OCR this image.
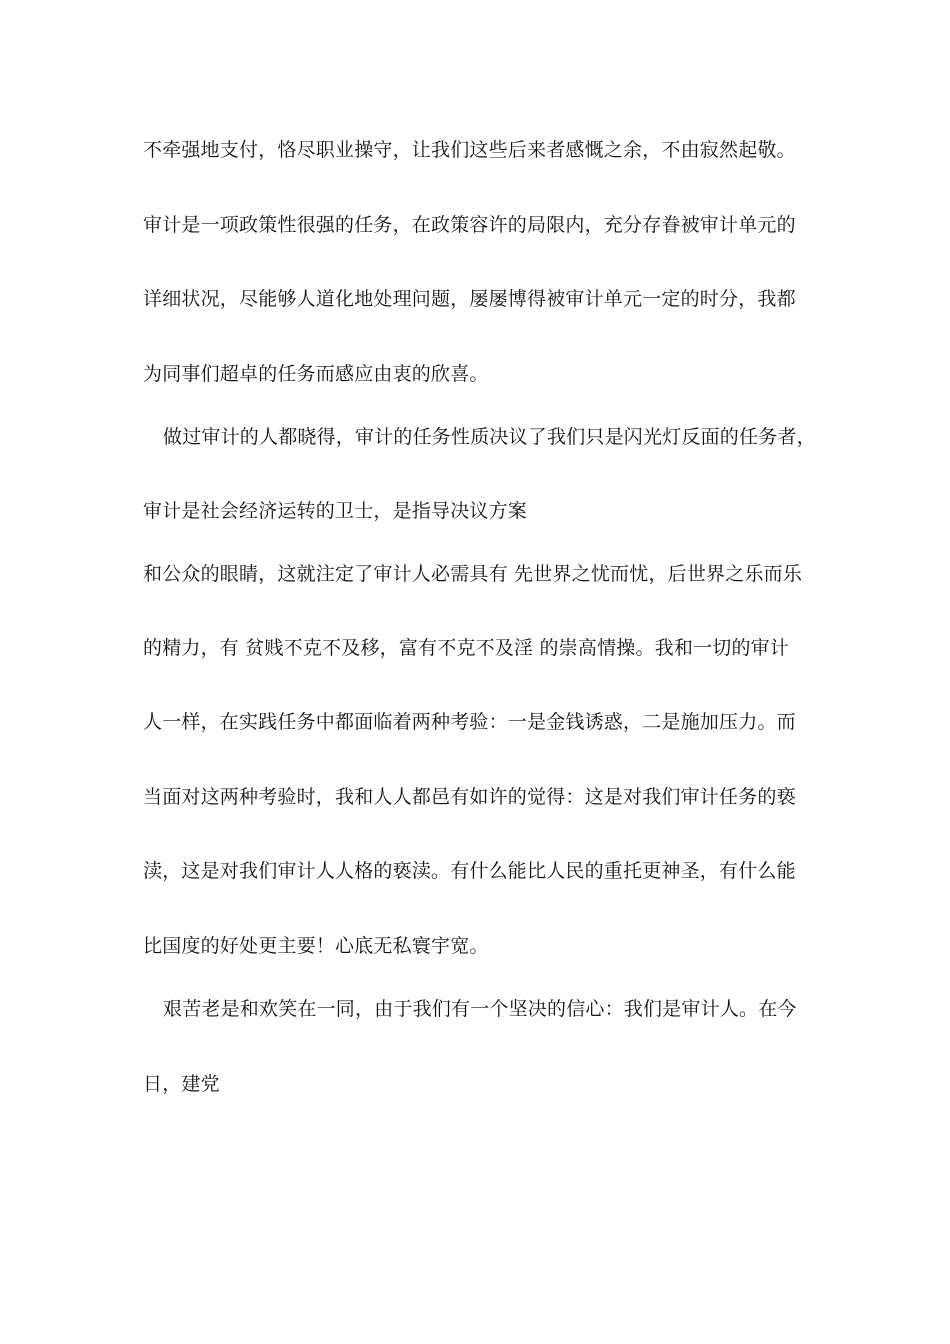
不牵强地支付，恪尽职业操守，让我们这些后来者感慨之余，不由寂然起敬。

审计是一项政策性很强的任务，在政策容许的局限内，充分存眷被审计单元的

详细状况，尽能够人道化地处理问题，屡屡博得被审计单元一定的时分，我都

为同事们超卓的任务而感应由衷的欣喜。

做过审计的人都晓得，审计的任务性质决议了我们只是闪光灯反面的任务者，

审计是社会经济运转的卫士，是指导决议方案

和公众的眼睛，这就注定了审计人必需具有 先世界之忧而忧，后世界之乐而乐

的精力，有 贫贱不克不及移，富有不克不及淫 的崇高情操。我和一切的审计

人一样，在实践任务中都面临着两种考验：一是金钱诱惑，二是施加压力。而

当面对这两种考验时，我和人人都邑有如许的觉得：这是对我们审计任务的亵

渎，这是对我们审计人人格的亵渎。有什么能比人民的重托更神圣，有什么能

比国度的好处更主要！心底无私寰宇宽。

艰苦老是和欢笑在一同，由于我们有一个坚决的信心：我们是审计人。在今

日，建党
